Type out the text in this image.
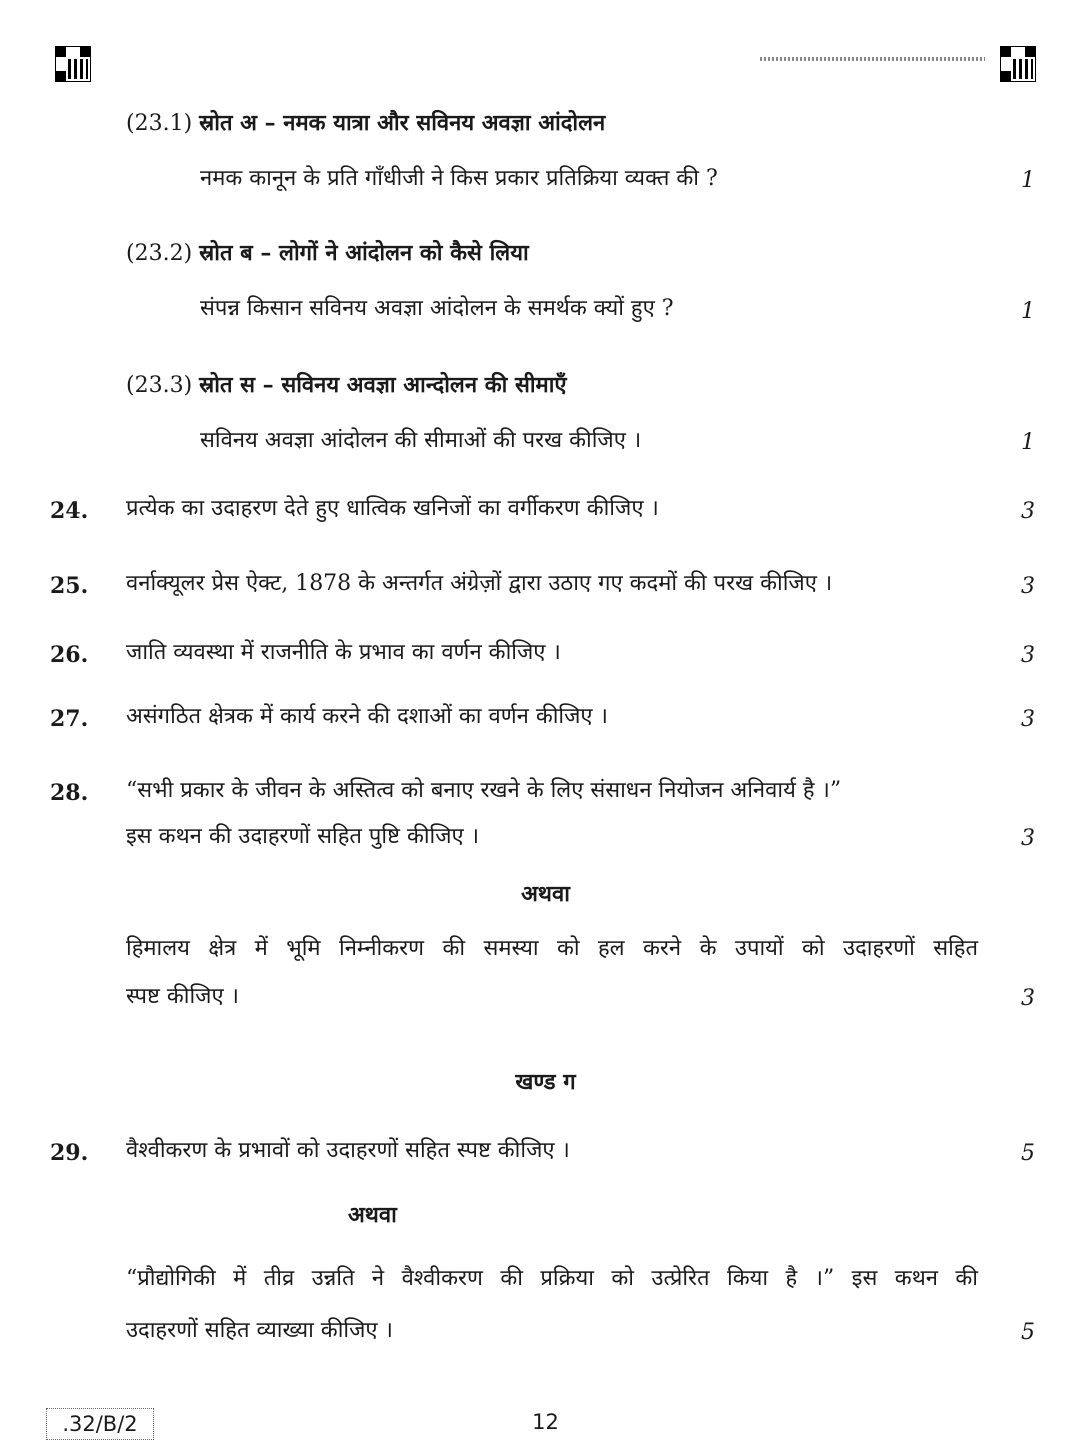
(23.1) स्रोत अ – नमक यात्रा और सविनय अवज्ञा आंदोलन
नमक कानून के प्रति गाँधीजी ने किस प्रकार प्रतिक्रिया व्यक्त की ?	1
(23.2) स्रोत ब – लोगों ने आंदोलन को कैसे लिया
संपन्न किसान सविनय अवज्ञा आंदोलन के समर्थक क्यों हुए ?	1
(23.3) स्रोत स – सविनय अवज्ञा आन्दोलन की सीमाएँ
सविनय अवज्ञा आंदोलन की सीमाओं की परख कीजिए ।	1
24. प्रत्येक का उदाहरण देते हुए धात्विक खनिजों का वर्गीकरण कीजिए ।	3
25. वर्नाक्यूलर प्रेस ऐक्ट, 1878 के अन्तर्गत अंग्रेज़ों द्वारा उठाए गए कदमों की परख कीजिए ।	3
26. जाति व्यवस्था में राजनीति के प्रभाव का वर्णन कीजिए ।	3
27. असंगठित क्षेत्रक में कार्य करने की दशाओं का वर्णन कीजिए ।	3
28. “सभी प्रकार के जीवन के अस्तित्व को बनाए रखने के लिए संसाधन नियोजन अनिवार्य है ।”
इस कथन की उदाहरणों सहित पुष्टि कीजिए ।	3
अथवा
हिमालय क्षेत्र में भूमि निम्नीकरण की समस्या को हल करने के उपायों को उदाहरणों सहित
स्पष्ट कीजिए ।	3
खण्ड ग
29. वैश्वीकरण के प्रभावों को उदाहरणों सहित स्पष्ट कीजिए ।	5
अथवा
“प्रौद्योगिकी में तीव्र उन्नति ने वैश्वीकरण की प्रक्रिया को उत्प्रेरित किया है ।” इस कथन की
उदाहरणों सहित व्याख्या कीजिए ।	5
.32/B/2	12
